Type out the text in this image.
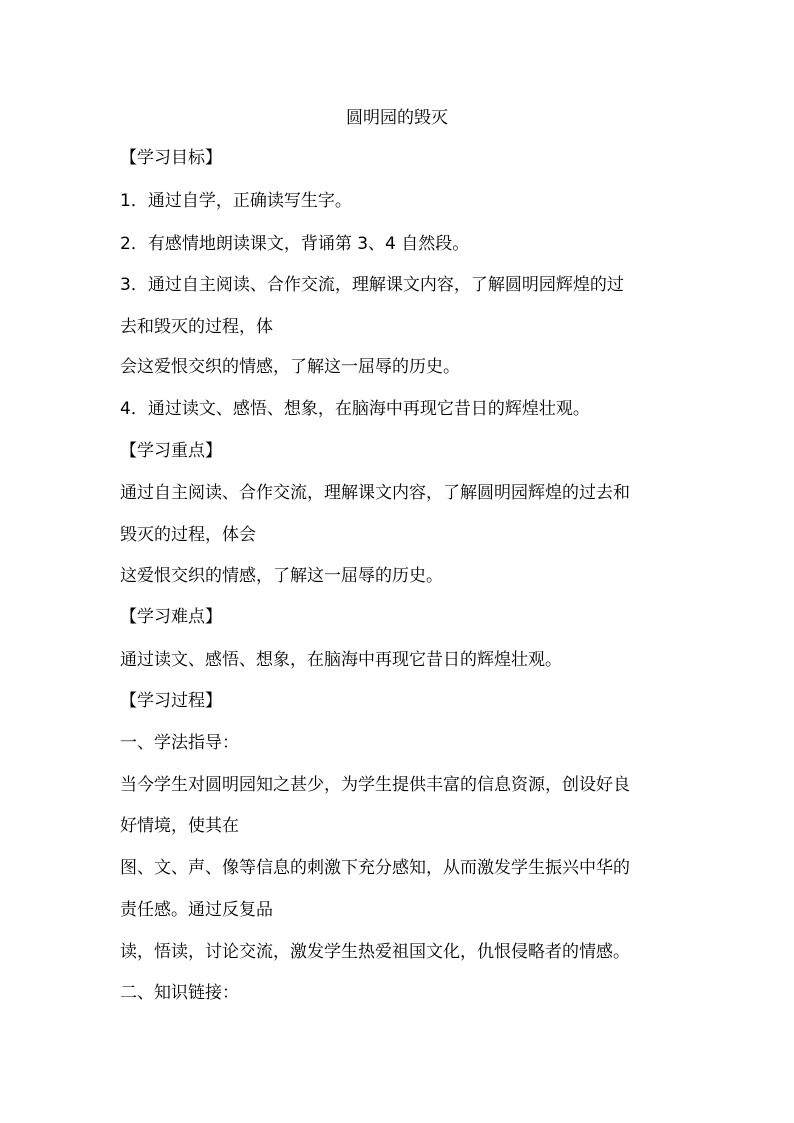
圆明园的毁灭

【学习目标】

1．通过自学，正确读写生字。

2．有感情地朗读课文，背诵第 3、4 自然段。

3．通过自主阅读、合作交流，理解课文内容，了解圆明园辉煌的过

去和毁灭的过程，体

会这爱恨交织的情感，了解这一屈辱的历史。

4．通过读文、感悟、想象，在脑海中再现它昔日的辉煌壮观。

【学习重点】

通过自主阅读、合作交流，理解课文内容，了解圆明园辉煌的过去和

毁灭的过程，体会

这爱恨交织的情感，了解这一屈辱的历史。

【学习难点】

通过读文、感悟、想象，在脑海中再现它昔日的辉煌壮观。

【学习过程】

一、学法指导：

当今学生对圆明园知之甚少，为学生提供丰富的信息资源，创设好良

好情境，使其在

图、文、声、像等信息的刺激下充分感知，从而激发学生振兴中华的

责任感。通过反复品

读，悟读，讨论交流，激发学生热爱祖国文化，仇恨侵略者的情感。

二、知识链接：
